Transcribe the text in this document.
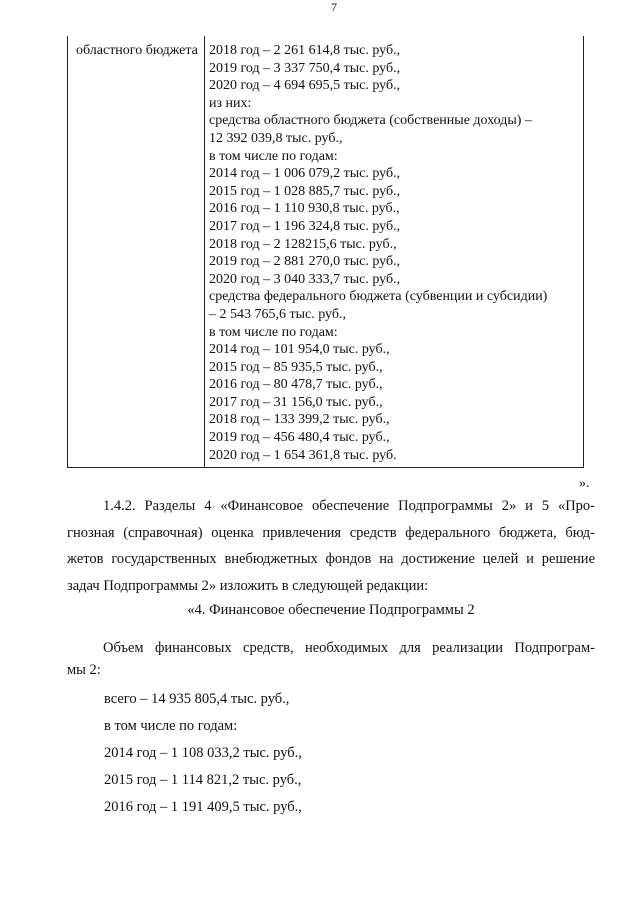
7
областного бюджета 2018 год – 2 261 614,8 тыс. руб.,
2019 год – 3 337 750,4 тыс. руб.,
2020 год – 4 694 695,5 тыс. руб.,
из них:
средства областного бюджета (собственные доходы) –
12 392 039,8 тыс. руб.,
в том числе по годам:
2014 год – 1 006 079,2 тыс. руб.,
2015 год – 1 028 885,7 тыс. руб.,
2016 год – 1 110 930,8 тыс. руб.,
2017 год – 1 196 324,8 тыс. руб.,
2018 год – 2 128215,6 тыс. руб.,
2019 год – 2 881 270,0 тыс. руб.,
2020 год – 3 040 333,7 тыс. руб.,
средства федерального бюджета (субвенции и субсидии)
– 2 543 765,6 тыс. руб.,
в том числе по годам:
2014 год – 101 954,0 тыс. руб.,
2015 год – 85 935,5 тыс. руб.,
2016 год – 80 478,7 тыс. руб.,
2017 год – 31 156,0 тыс. руб.,
2018 год – 133 399,2 тыс. руб.,
2019 год – 456 480,4 тыс. руб.,
2020 год – 1 654 361,8 тыс. руб.
».
1.4.2. Разделы 4 «Финансовое обеспечение Подпрограммы 2» и 5 «Про-
гнозная (справочная) оценка привлечения средств федерального бюджета, бюд-
жетов государственных внебюджетных фондов на достижение целей и решение
задач Подпрограммы 2» изложить в следующей редакции:
«4. Финансовое обеспечение Подпрограммы 2
Объем финансовых средств, необходимых для реализации Подпрограм-
мы 2:
всего – 14 935 805,4 тыс. руб.,
в том числе по годам:
2014 год – 1 108 033,2 тыс. руб.,
2015 год – 1 114 821,2 тыс. руб.,
2016 год – 1 191 409,5 тыс. руб.,
